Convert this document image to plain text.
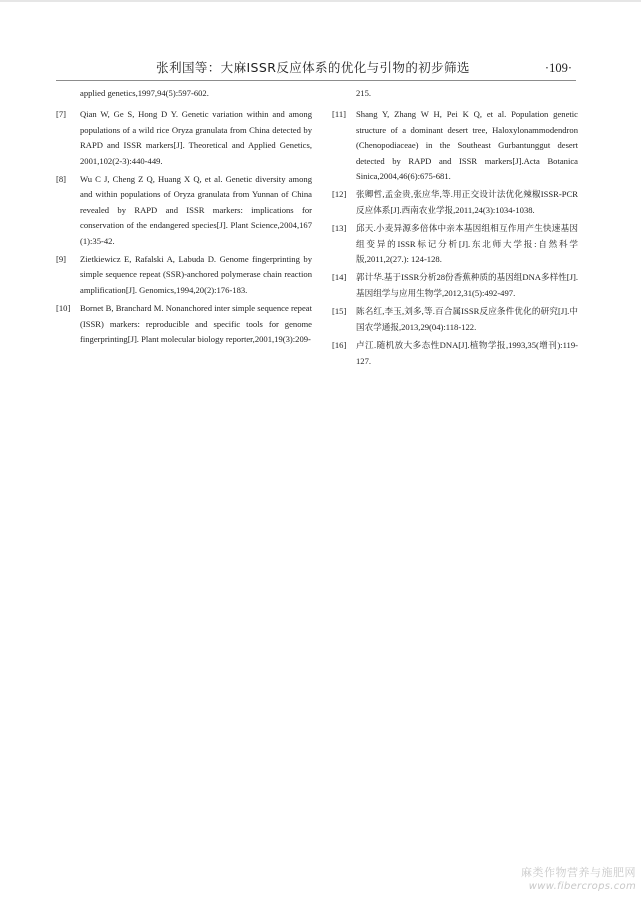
张利国等：大麻ISSR反应体系的优化与引物的初步筛选	·109·
applied genetics,1997,94(5):597-602.
[7]	Qian W, Ge S, Hong D Y. Genetic variation within and among populations of a wild rice Oryza granulata from China detected by RAPD and ISSR markers[J]. Theoretical and Applied Genetics, 2001,102(2-3):440-449.
[8]	Wu C J, Cheng Z Q, Huang X Q, et al. Genetic diversity among and within populations of Oryza granulata from Yunnan of China revealed by RAPD and ISSR markers: implications for conservation of the endangered species[J]. Plant Science,2004,167 (1):35-42.
[9]	Zietkiewicz E, Rafalski A, Labuda D. Genome fingerprinting by simple sequence repeat (SSR)-anchored polymerase chain reaction amplification[J]. Genomics,1994,20(2):176-183.
[10]	Bornet B, Branchard M. Nonanchored inter simple sequence repeat (ISSR) markers: reproducible and specific tools for genome fingerprinting[J]. Plant molecular biology reporter,2001,19(3):209-
215.
[11]	Shang Y, Zhang W H, Pei K Q, et al. Population genetic structure of a dominant desert tree, Haloxylonammodendron (Chenopodiaceae) in the Southeast Gurbantunggut desert detected by RAPD and ISSR markers[J].Acta Botanica Sinica,2004,46(6):675-681.
[12]	张卿哲,孟金贵,张应华,等.用正交设计法优化辣椒ISSR-PCR反应体系[J].西南农业学报,2011,24(3):1034-1038.
[13]	邱天.小麦异源多倍体中亲本基因组相互作用产生快速基因组变异的ISSR标记分析[J].东北师大学报:自然科学版,2011,2(27.): 124-128.
[14]	郭计华.基于ISSR分析28份香蕉种质的基因组DNA多样性[J].基因组学与应用生物学,2012,31(5):492-497.
[15]	陈名红,李玉,刘多,等.百合属ISSR反应条件优化的研究[J].中国农学通报,2013,29(04):118-122.
[16]	卢江.随机放大多态性DNA[J].植物学报,1993,35(增刊):119-127.
麻类作物营养与施肥网
www.fibercrops.com
